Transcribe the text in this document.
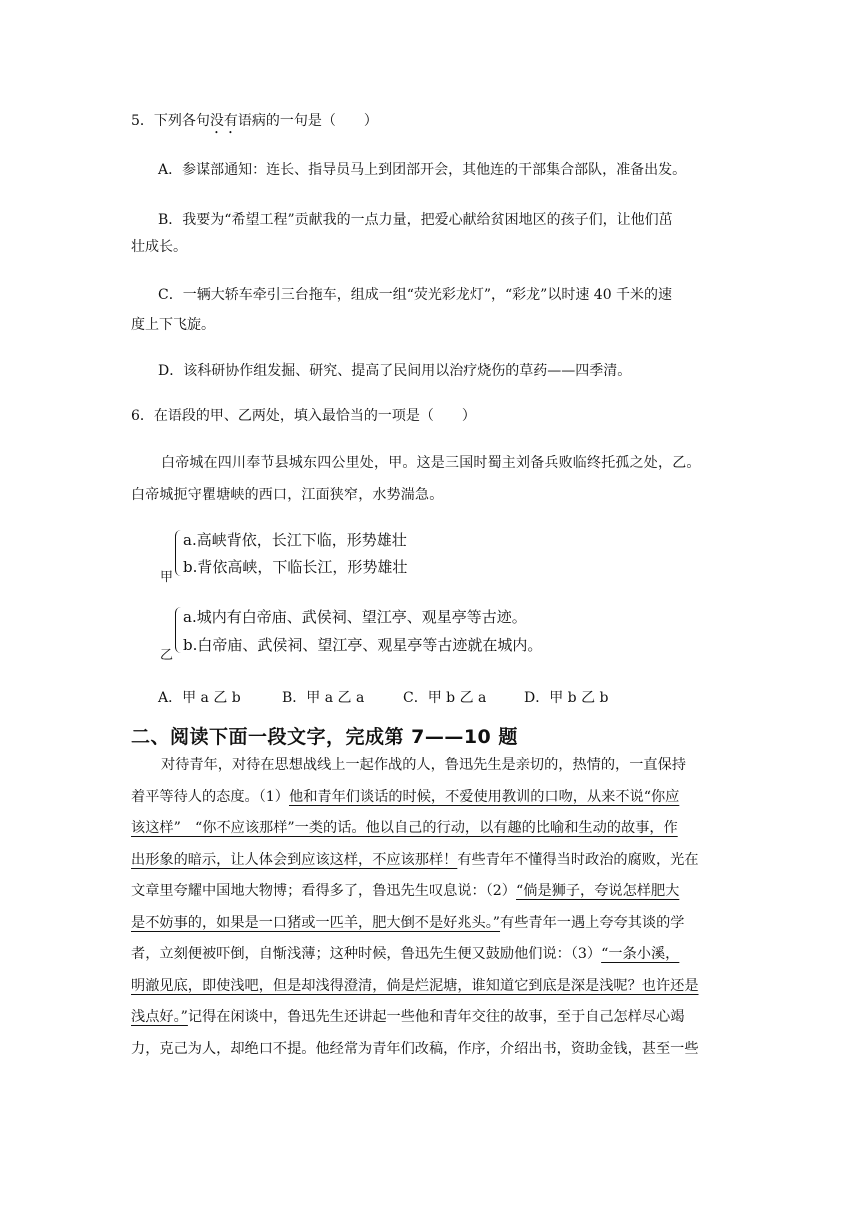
5．下列各句没有语病的一句是（　　）
A．参谋部通知：连长、指导员马上到团部开会，其他连的干部集合部队，准备出发。
B．我要为“希望工程”贡献我的一点力量，把爱心献给贫困地区的孩子们，让他们茁
壮成长。
C．一辆大轿车牵引三台拖车，组成一组“荧光彩龙灯”，“彩龙”以时速 40 千米的速
度上下飞旋。
D．该科研协作组发掘、研究、提高了民间用以治疗烧伤的草药——四季清。
6．在语段的甲、乙两处，填入最恰当的一项是（　　）
白帝城在四川奉节县城东四公里处，甲。这是三国时蜀主刘备兵败临终托孤之处，乙。
白帝城扼守瞿塘峡的西口，江面狭窄，水势湍急。
a.高峡背依，长江下临，形势雄壮
b.背依高峡，下临长江，形势雄壮
甲
a.城内有白帝庙、武侯祠、望江亭、观星亭等古迹。
b.白帝庙、武侯祠、望江亭、观星亭等古迹就在城内。
乙
A．甲 a 乙 b	B．甲 a 乙 a	C．甲 b 乙 a	D．甲 b 乙 b
二、阅读下面一段文字，完成第 7——10 题
对待青年，对待在思想战线上一起作战的人，鲁迅先生是亲切的，热情的，一直保持
着平等待人的态度。（1）他和青年们谈话的时候，不爱使用教训的口吻，从来不说“你应
该这样”　“你不应该那样”一类的话。他以自己的行动，以有趣的比喻和生动的故事，作
出形象的暗示，让人体会到应该这样，不应该那样！有些青年不懂得当时政治的腐败，光在
文章里夸耀中国地大物博；看得多了，鲁迅先生叹息说：（2）“倘是狮子，夸说怎样肥大
是不妨事的，如果是一口猪或一匹羊，肥大倒不是好兆头。”有些青年一遇上夸夸其谈的学
者，立刻便被吓倒，自惭浅薄；这种时候，鲁迅先生便又鼓励他们说：（3）“一条小溪，
明澈见底，即使浅吧，但是却浅得澄清，倘是烂泥塘，谁知道它到底是深是浅呢？也许还是
浅点好。”记得在闲谈中，鲁迅先生还讲起一些他和青年交往的故事，至于自己怎样尽心竭
力，克己为人，却绝口不提。他经常为青年们改稿，作序，介绍出书，资助金钱，甚至一些
